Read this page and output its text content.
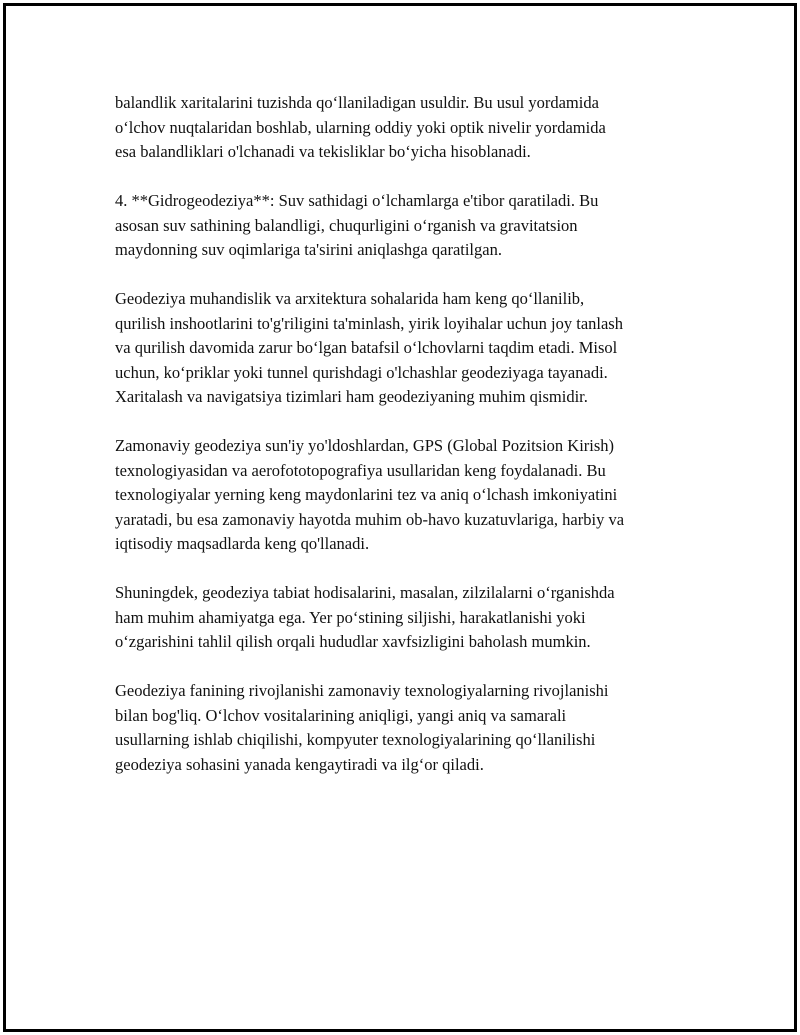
balandlik xaritalarini tuzishda qo‘llaniladigan usuldir. Bu usul yordamida
o‘lchov nuqtalaridan boshlab, ularning oddiy yoki optik nivelir yordamida
esa balandliklari o'lchanadi va tekisliklar bo‘yicha hisoblanadi.

4. **Gidrogeodeziya**: Suv sathidagi o‘lchamlarga e'tibor qaratiladi. Bu
asosan suv sathining balandligi, chuqurligini o‘rganish va gravitatsion
maydonning suv oqimlariga ta'sirini aniqlashga qaratilgan.

Geodeziya muhandislik va arxitektura sohalarida ham keng qo‘llanilib,
qurilish inshootlarini to'g'riligini ta'minlash, yirik loyihalar uchun joy tanlash
va qurilish davomida zarur bo‘lgan batafsil o‘lchovlarni taqdim etadi. Misol
uchun, ko‘priklar yoki tunnel qurishdagi o'lchashlar geodeziyaga tayanadi.
Xaritalash va navigatsiya tizimlari ham geodeziyaning muhim qismidir.

Zamonaviy geodeziya sun'iy yo'ldoshlardan, GPS (Global Pozitsion Kirish)
texnologiyasidan va aerofototopografiya usullaridan keng foydalanadi. Bu
texnologiyalar yerning keng maydonlarini tez va aniq o‘lchash imkoniyatini
yaratadi, bu esa zamonaviy hayotda muhim ob-havo kuzatuvlariga, harbiy va
iqtisodiy maqsadlarda keng qo'llanadi.

Shuningdek, geodeziya tabiat hodisalarini, masalan, zilzilalarni o‘rganishda
ham muhim ahamiyatga ega. Yer po‘stining siljishi, harakatlanishi yoki
o‘zgarishini tahlil qilish orqali hududlar xavfsizligini baholash mumkin.

Geodeziya fanining rivojlanishi zamonaviy texnologiyalarning rivojlanishi
bilan bog'liq. O‘lchov vositalarining aniqligi, yangi aniq va samarali
usullarning ishlab chiqilishi, kompyuter texnologiyalarining qo‘llanilishi
geodeziya sohasini yanada kengaytiradi va ilg‘or qiladi.
